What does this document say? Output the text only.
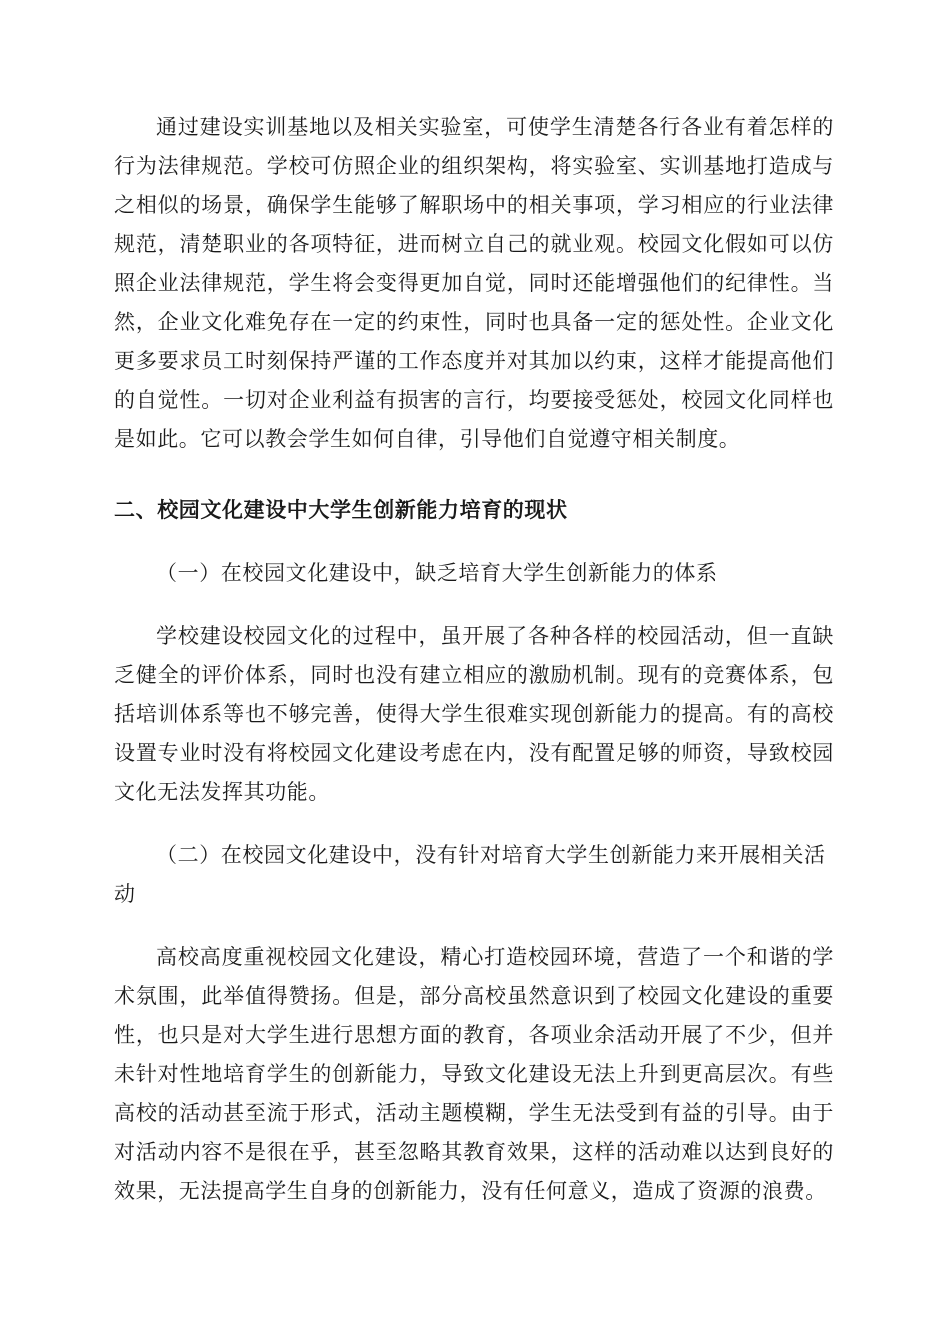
通过建设实训基地以及相关实验室，可使学生清楚各行各业有着怎样的行为法律规范。学校可仿照企业的组织架构，将实验室、实训基地打造成与之相似的场景，确保学生能够了解职场中的相关事项，学习相应的行业法律规范，清楚职业的各项特征，进而树立自己的就业观。校园文化假如可以仿照企业法律规范，学生将会变得更加自觉，同时还能增强他们的纪律性。当然，企业文化难免存在一定的约束性，同时也具备一定的惩处性。企业文化更多要求员工时刻保持严谨的工作态度并对其加以约束，这样才能提高他们的自觉性。一切对企业利益有损害的言行，均要接受惩处，校园文化同样也是如此。它可以教会学生如何自律，引导他们自觉遵守相关制度。

二、校园文化建设中大学生创新能力培育的现状

（一）在校园文化建设中，缺乏培育大学生创新能力的体系

学校建设校园文化的过程中，虽开展了各种各样的校园活动，但一直缺乏健全的评价体系，同时也没有建立相应的激励机制。现有的竞赛体系，包括培训体系等也不够完善，使得大学生很难实现创新能力的提高。有的高校设置专业时没有将校园文化建设考虑在内，没有配置足够的师资，导致校园文化无法发挥其功能。

（二）在校园文化建设中，没有针对培育大学生创新能力来开展相关活动

高校高度重视校园文化建设，精心打造校园环境，营造了一个和谐的学术氛围，此举值得赞扬。但是，部分高校虽然意识到了校园文化建设的重要性，也只是对大学生进行思想方面的教育，各项业余活动开展了不少，但并未针对性地培育学生的创新能力，导致文化建设无法上升到更高层次。有些高校的活动甚至流于形式，活动主题模糊，学生无法受到有益的引导。由于对活动内容不是很在乎，甚至忽略其教育效果，这样的活动难以达到良好的效果，无法提高学生自身的创新能力，没有任何意义，造成了资源的浪费。
